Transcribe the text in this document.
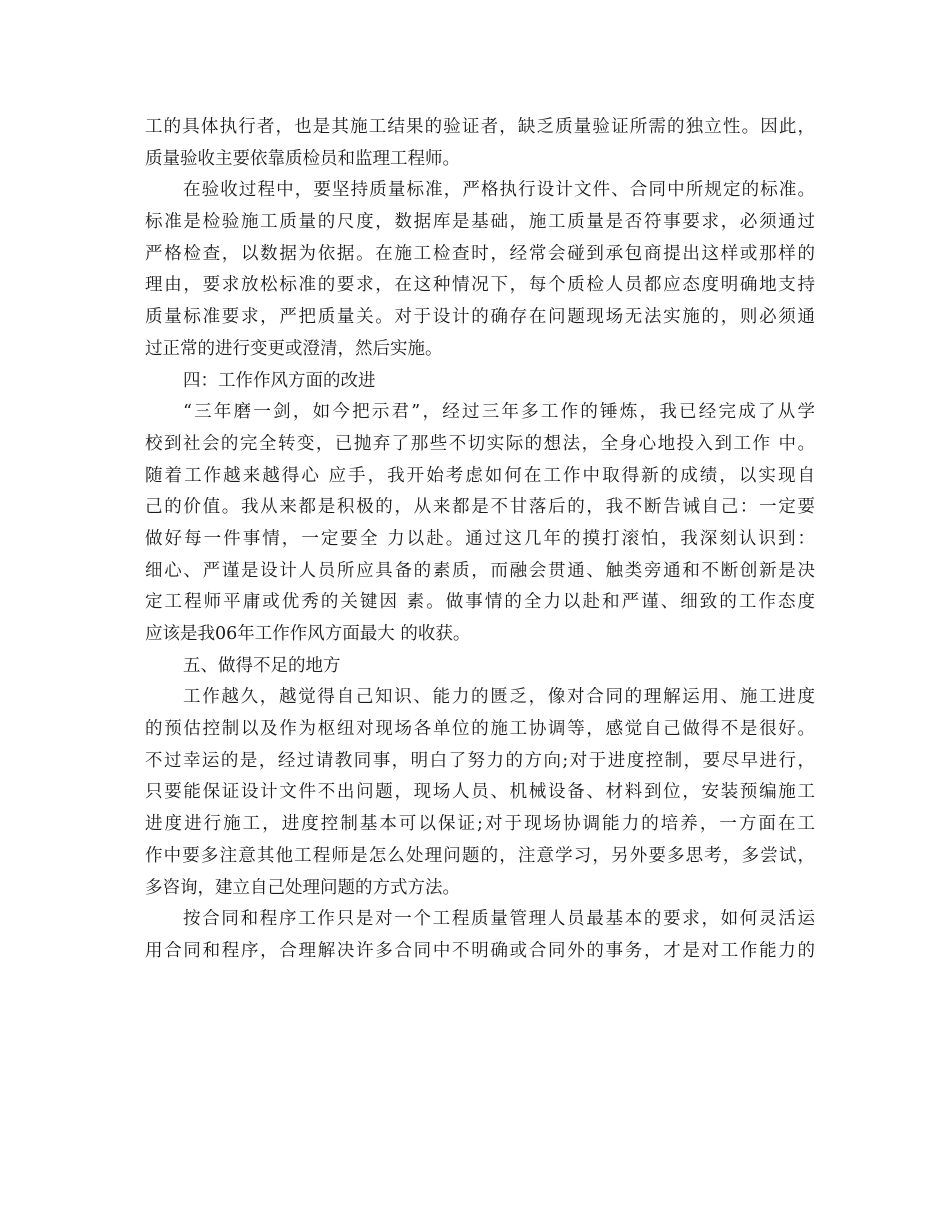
工的具体执行者，也是其施工结果的验证者，缺乏质量验证所需的独立性。因此，
质量验收主要依靠质检员和监理工程师。
在验收过程中，要坚持质量标准，严格执行设计文件、合同中所规定的标准。
标准是检验施工质量的尺度，数据库是基础，施工质量是否符事要求，必须通过
严格检查，以数据为依据。在施工检查时，经常会碰到承包商提出这样或那样的
理由，要求放松标准的要求，在这种情况下，每个质检人员都应态度明确地支持
质量标准要求，严把质量关。对于设计的确存在问题现场无法实施的，则必须通
过正常的进行变更或澄清，然后实施。
四：工作作风方面的改进
“三年磨一剑，如今把示君”，经过三年多工作的锤炼，我已经完成了从学
校到社会的完全转变，已抛弃了那些不切实际的想法，全身心地投入到工作 中。
随着工作越来越得心 应手，我开始考虑如何在工作中取得新的成绩，以实现自
己的价值。我从来都是积极的，从来都是不甘落后的，我不断告诫自己：一定要
做好每一件事情，一定要全 力以赴。通过这几年的摸打滚怕，我深刻认识到：
细心、严谨是设计人员所应具备的素质，而融会贯通、触类旁通和不断创新是决
定工程师平庸或优秀的关键因 素。做事情的全力以赴和严谨、细致的工作态度
应该是我06年工作作风方面最大 的收获。
五、做得不足的地方
工作越久，越觉得自己知识、能力的匮乏，像对合同的理解运用、施工进度
的预估控制以及作为枢纽对现场各单位的施工协调等，感觉自己做得不是很好。
不过幸运的是，经过请教同事，明白了努力的方向;对于进度控制，要尽早进行，
只要能保证设计文件不出问题，现场人员、机械设备、材料到位，安装预编施工
进度进行施工，进度控制基本可以保证;对于现场协调能力的培养，一方面在工
作中要多注意其他工程师是怎么处理问题的，注意学习，另外要多思考，多尝试，
多咨询，建立自己处理问题的方式方法。
按合同和程序工作只是对一个工程质量管理人员最基本的要求，如何灵活运
用合同和程序，合理解决许多合同中不明确或合同外的事务，才是对工作能力的
